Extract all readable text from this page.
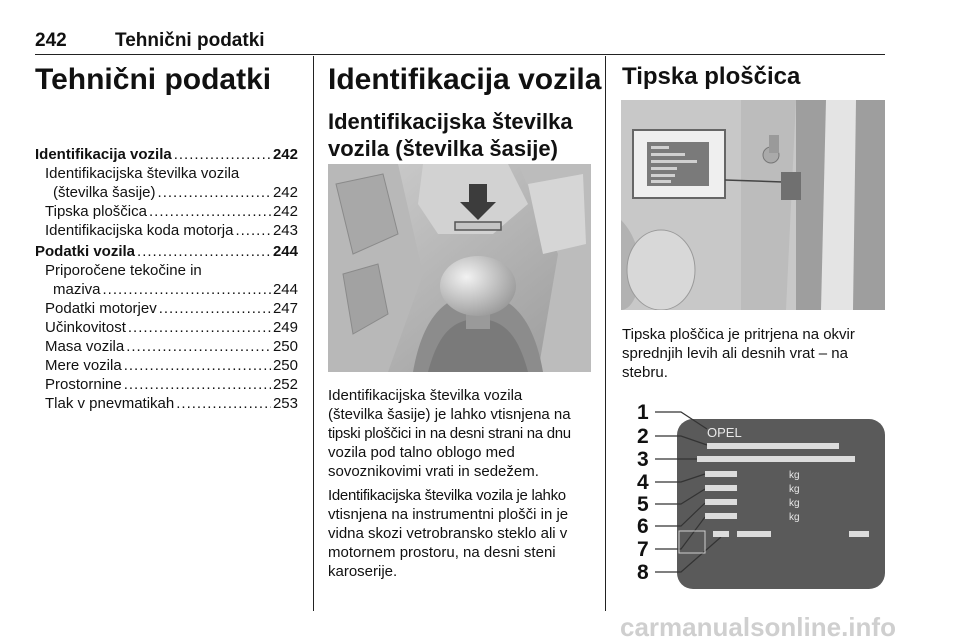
242	Tehnični podatki
Tehnični podatki
Identifikacija vozila .....	242
Identifikacijska številka vozila
(številka šasije) .....	242
Tipska ploščica .....	242
Identifikacijska koda motorja .....	243
Podatki vozila .....	244
Priporočene tekočine in
maziva .....	244
Podatki motorjev .....	247
Učinkovitost .....	249
Masa vozila .....	250
Mere vozila .....	250
Prostornine .....	252
Tlak v pnevmatikah .....	253
Identifikacija vozila
Identifikacijska številka
vozila (številka šasije)

Identifikacijska številka vozila
(številka šasije) je lahko vtisnjena na
tipski ploščici in na desni strani na dnu
vozila pod talno oblogo med
sovoznikovimi vrati in sedežem.

Identifikacijska številka vozila je lahko
vtisnjena na instrumentni plošči in je
vidna skozi vetrobransko steklo ali v
motornem prostoru, na desni steni
karoserije.

Tipska ploščica

Tipska ploščica je pritrjena na okvir
sprednjih levih ali desnih vrat – na
stebru.

1
2
3
4
5
6
7
8
OPEL
kg
kg
kg
kg
carmanualsonline.info
